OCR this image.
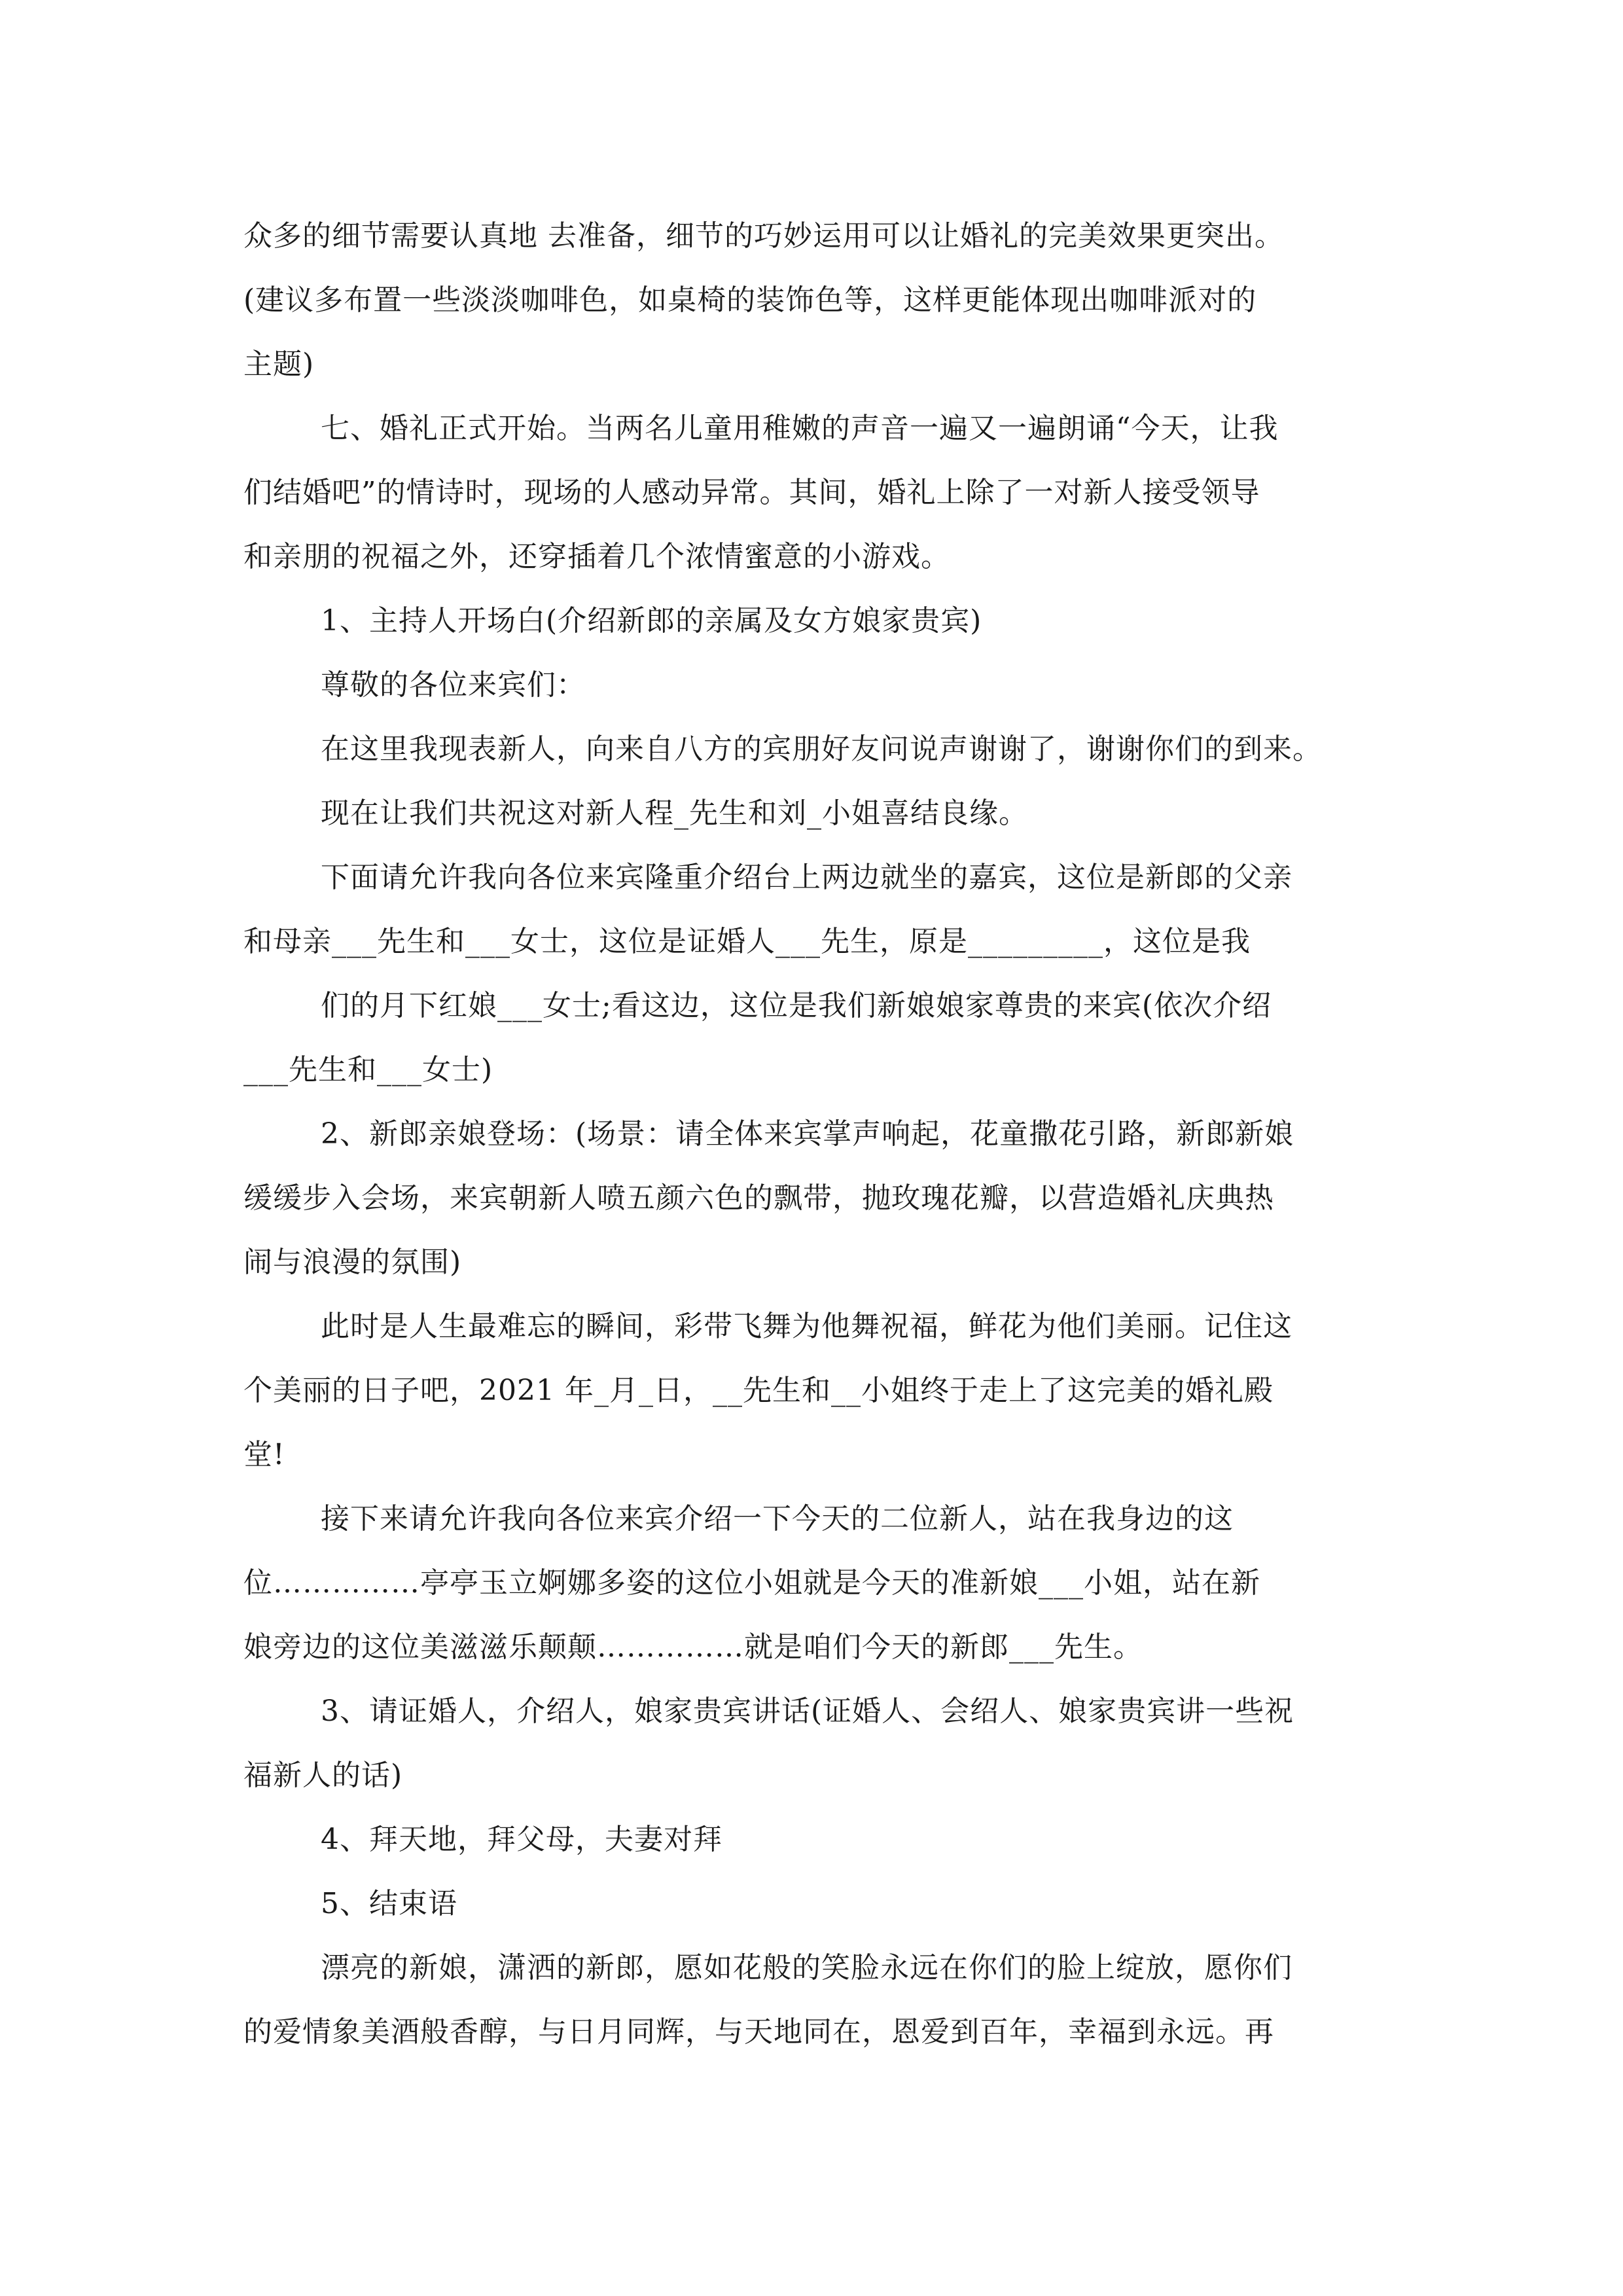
众多的细节需要认真地 去准备，细节的巧妙运用可以让婚礼的完美效果更突出。
(建议多布置一些淡淡咖啡色，如桌椅的装饰色等，这样更能体现出咖啡派对的
主题)
七、婚礼正式开始。当两名儿童用稚嫩的声音一遍又一遍朗诵“今天，让我
们结婚吧”的情诗时，现场的人感动异常。其间，婚礼上除了一对新人接受领导
和亲朋的祝福之外，还穿插着几个浓情蜜意的小游戏。
1、主持人开场白(介绍新郎的亲属及女方娘家贵宾)
尊敬的各位来宾们：
在这里我现表新人，向来自八方的宾朋好友问说声谢谢了，谢谢你们的到来。
现在让我们共祝这对新人程_先生和刘_小姐喜结良缘。
下面请允许我向各位来宾隆重介绍台上两边就坐的嘉宾，这位是新郎的父亲
和母亲___先生和___女士，这位是证婚人___先生，原是_________，这位是我
们的月下红娘___女士;看这边，这位是我们新娘娘家尊贵的来宾(依次介绍
___先生和___女士)
2、新郎亲娘登场：(场景：请全体来宾掌声响起，花童撒花引路，新郎新娘
缓缓步入会场，来宾朝新人喷五颜六色的飘带，抛玫瑰花瓣，以营造婚礼庆典热
闹与浪漫的氛围)
此时是人生最难忘的瞬间，彩带飞舞为他舞祝福，鲜花为他们美丽。记住这
个美丽的日子吧，2021 年_月_日，__先生和__小姐终于走上了这完美的婚礼殿
堂!
接下来请允许我向各位来宾介绍一下今天的二位新人，站在我身边的这
位……………亭亭玉立婀娜多姿的这位小姐就是今天的准新娘___小姐，站在新
娘旁边的这位美滋滋乐颠颠……………就是咱们今天的新郎___先生。
3、请证婚人，介绍人，娘家贵宾讲话(证婚人、会绍人、娘家贵宾讲一些祝
福新人的话)
4、拜天地，拜父母，夫妻对拜
5、结束语
漂亮的新娘，潇洒的新郎，愿如花般的笑脸永远在你们的脸上绽放，愿你们
的爱情象美酒般香醇，与日月同辉，与天地同在，恩爱到百年，幸福到永远。再
